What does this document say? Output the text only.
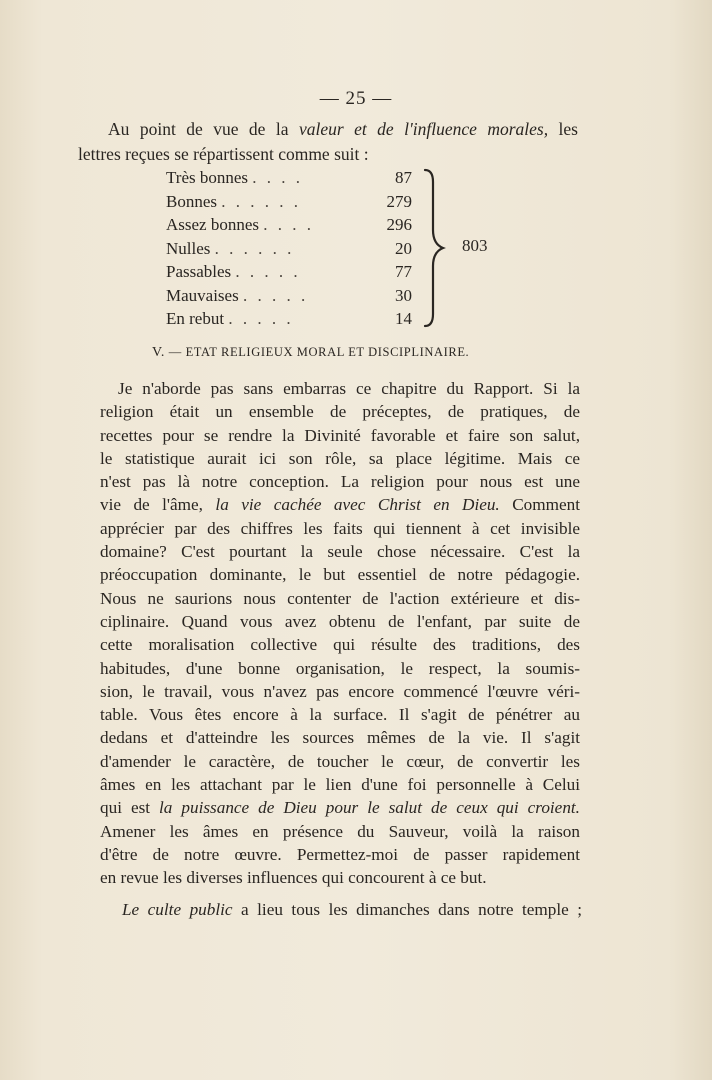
— 25 —

Au point de vue de la valeur et de l'influence morales, les
lettres reçues se répartissent comme suit :

Très bonnes . . . .	87
Bonnes . . . . . .	279
Assez bonnes . . . .	296
Nulles . . . . . .	20
Passables . . . . .	77
Mauvaises . . . . .	30
En rebut . . . . .	14
803
V. — ETAT RELIGIEUX MORAL ET DISCIPLINAIRE.

Je n'aborde pas sans embarras ce chapitre du Rapport. Si la
religion était un ensemble de préceptes, de pratiques, de
recettes pour se rendre la Divinité favorable et faire son salut,
le statistique aurait ici son rôle, sa place légitime. Mais ce
n'est pas là notre conception. La religion pour nous est une
vie de l'âme, la vie cachée avec Christ en Dieu. Comment
apprécier par des chiffres les faits qui tiennent à cet invisible
domaine? C'est pourtant la seule chose nécessaire. C'est la
préoccupation dominante, le but essentiel de notre pédagogie.
Nous ne saurions nous contenter de l'action extérieure et dis-
ciplinaire. Quand vous avez obtenu de l'enfant, par suite de
cette moralisation collective qui résulte des traditions, des
habitudes, d'une bonne organisation, le respect, la soumis-
sion, le travail, vous n'avez pas encore commencé l'œuvre véri-
table. Vous êtes encore à la surface. Il s'agit de pénétrer au
dedans et d'atteindre les sources mêmes de la vie. Il s'agit
d'amender le caractère, de toucher le cœur, de convertir les
âmes en les attachant par le lien d'une foi personnelle à Celui
qui est la puissance de Dieu pour le salut de ceux qui croient.
Amener les âmes en présence du Sauveur, voilà la raison
d'être de notre œuvre. Permettez-moi de passer rapidement
en revue les diverses influences qui concourent à ce but.

Le culte public a lieu tous les dimanches dans notre temple ;
